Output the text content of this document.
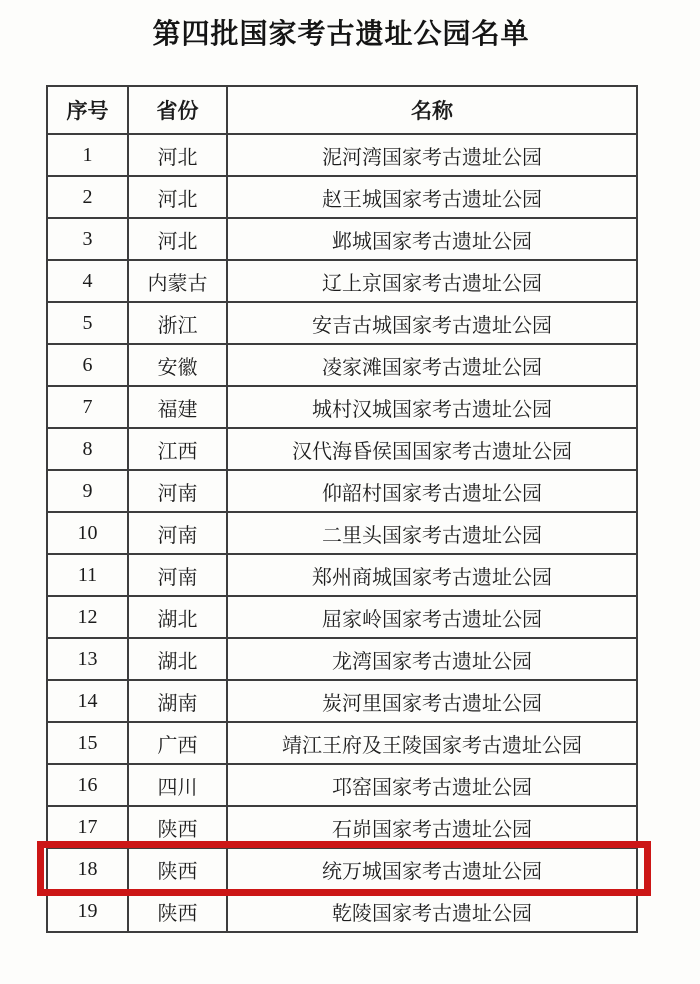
第四批国家考古遗址公园名单
序号	省份	名称
1	河北	泥河湾国家考古遗址公园
2	河北	赵王城国家考古遗址公园
3	河北	邺城国家考古遗址公园
4	内蒙古	辽上京国家考古遗址公园
5	浙江	安吉古城国家考古遗址公园
6	安徽	凌家滩国家考古遗址公园
7	福建	城村汉城国家考古遗址公园
8	江西	汉代海昏侯国国家考古遗址公园
9	河南	仰韶村国家考古遗址公园
10	河南	二里头国家考古遗址公园
11	河南	郑州商城国家考古遗址公园
12	湖北	屈家岭国家考古遗址公园
13	湖北	龙湾国家考古遗址公园
14	湖南	炭河里国家考古遗址公园
15	广西	靖江王府及王陵国家考古遗址公园
16	四川	邛窑国家考古遗址公园
17	陕西	石峁国家考古遗址公园
18	陕西	统万城国家考古遗址公园
19	陕西	乾陵国家考古遗址公园
